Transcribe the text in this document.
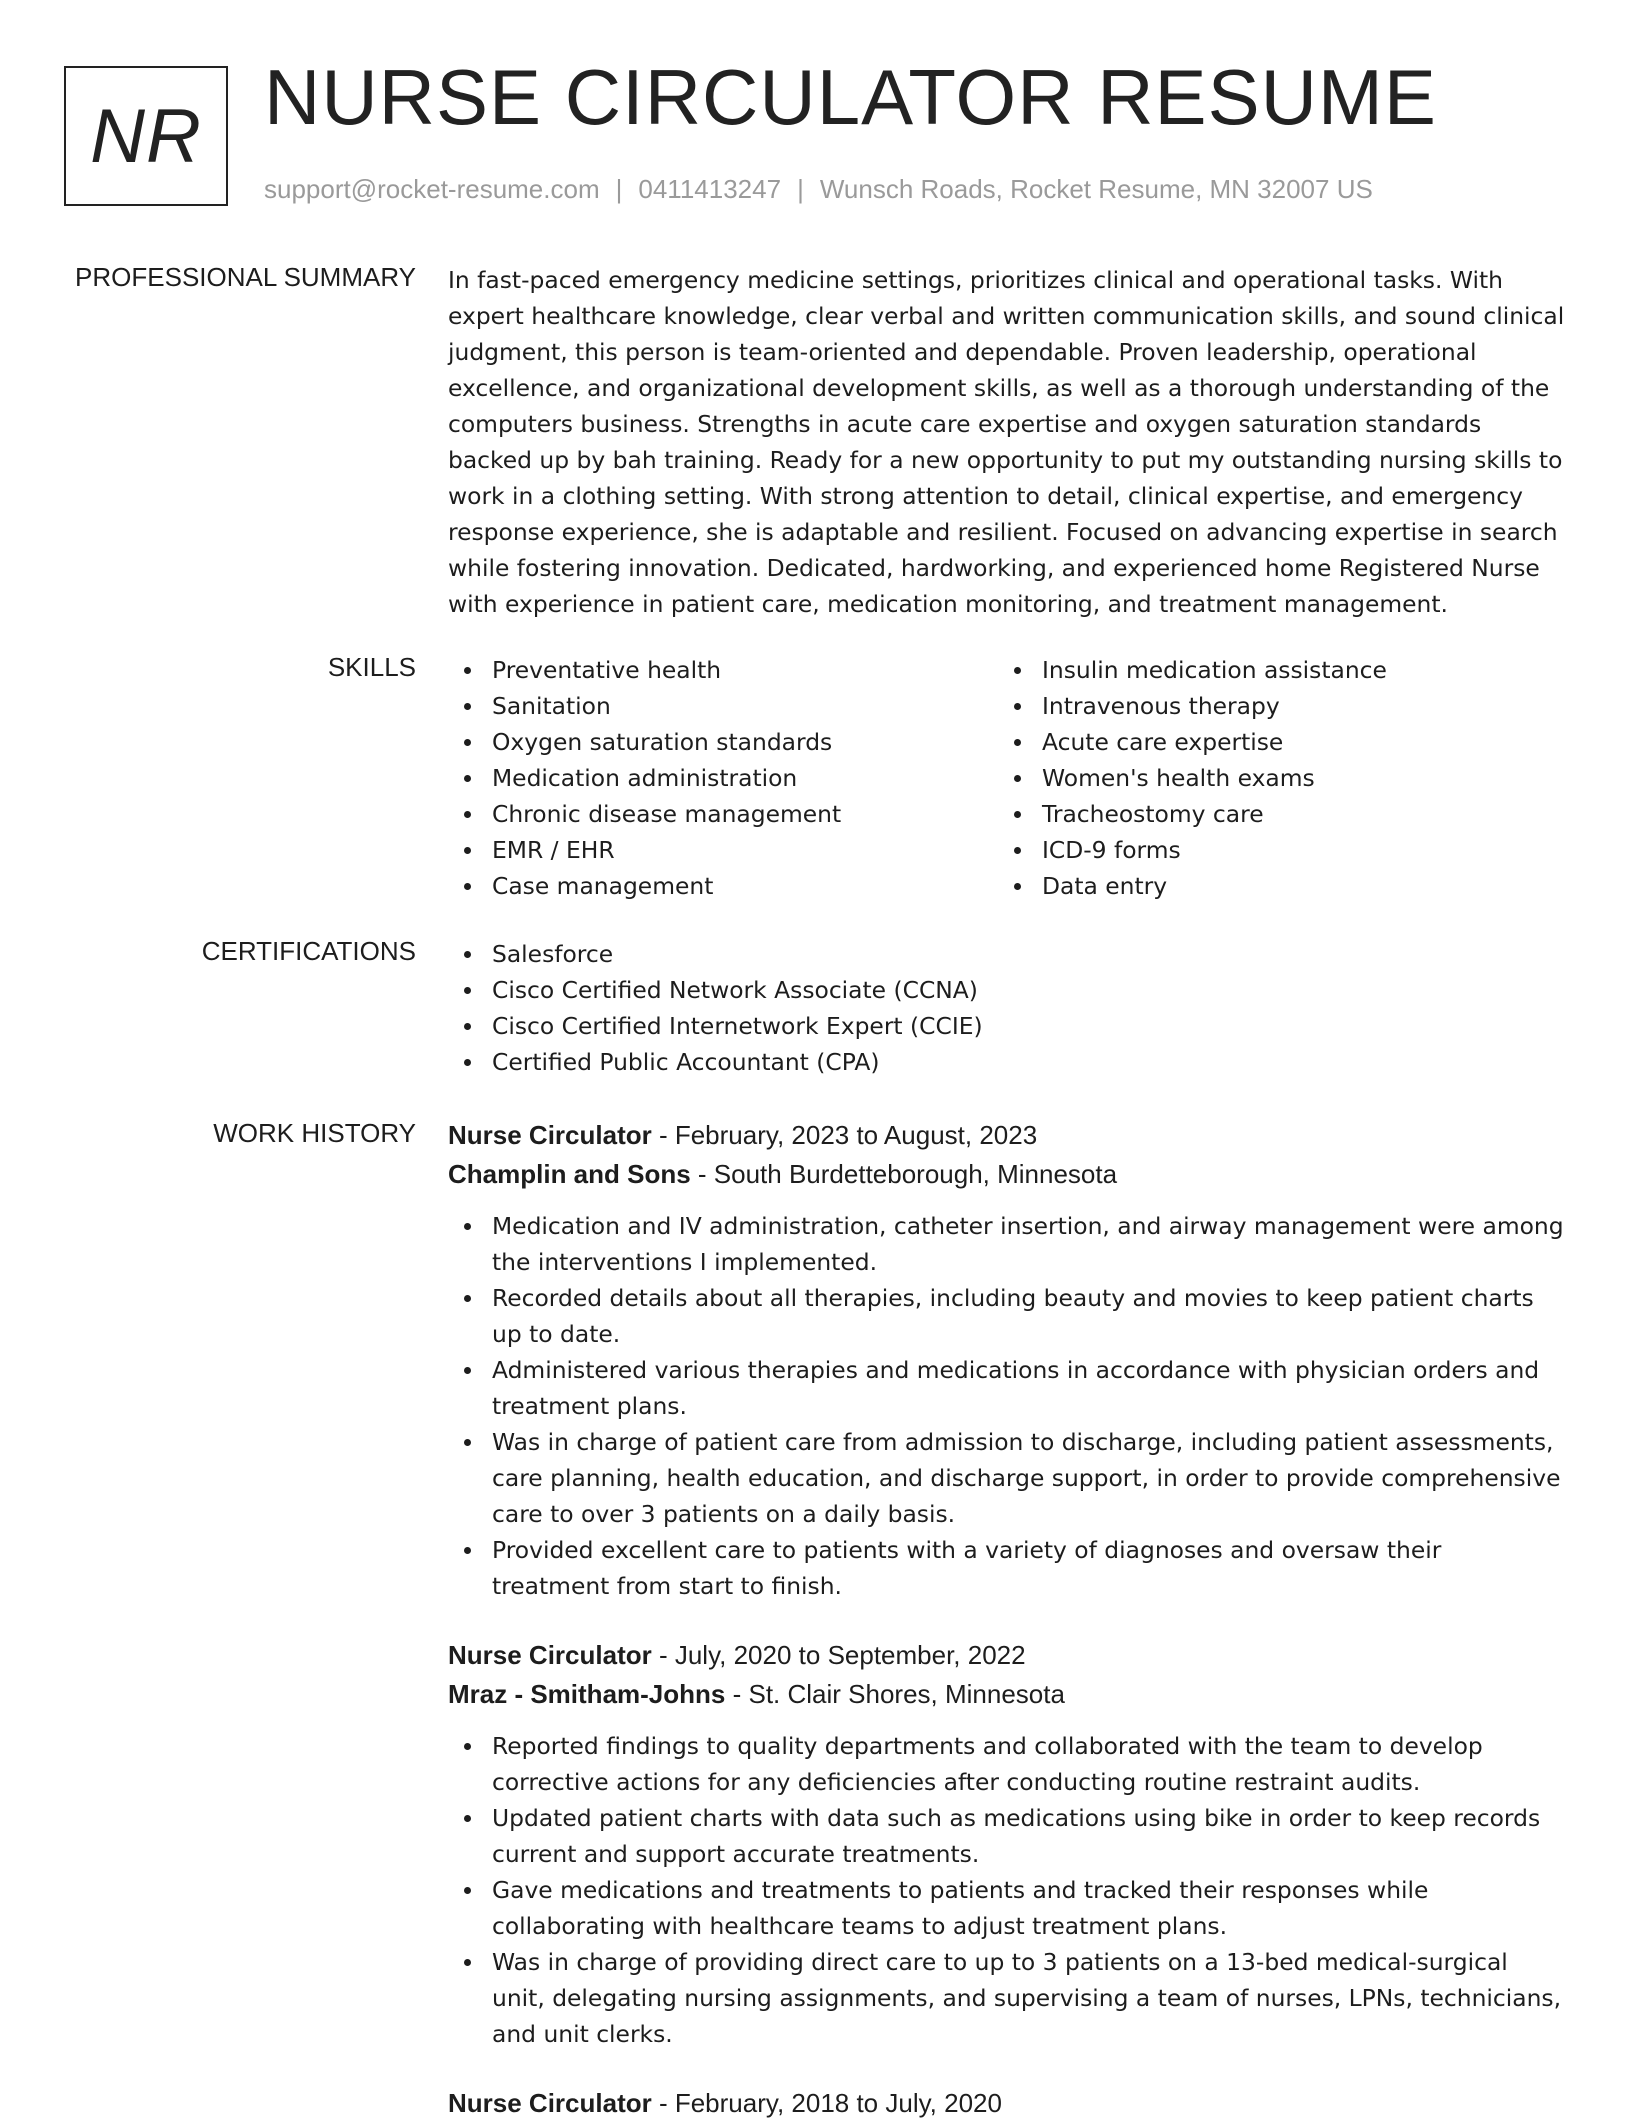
NR NURSE CIRCULATOR RESUME
support@rocket-resume.com | 0411413247 | Wunsch Roads, Rocket Resume, MN 32007 US
PROFESSIONAL SUMMARY In fast-paced emergency medicine settings, prioritizes clinical and operational tasks. With expert healthcare knowledge, clear verbal and written communication skills, and sound clinical judgment, this person is team-oriented and dependable. Proven leadership, operational excellence, and organizational development skills, as well as a thorough understanding of the computers business. Strengths in acute care expertise and oxygen saturation standards backed up by bah training. Ready for a new opportunity to put my outstanding nursing skills to work in a clothing setting. With strong attention to detail, clinical expertise, and emergency response experience, she is adaptable and resilient. Focused on advancing expertise in search while fostering innovation. Dedicated, hardworking, and experienced home Registered Nurse with experience in patient care, medication monitoring, and treatment management.

SKILLS	Preventative health
Sanitation
Oxygen saturation standards
Medication administration
Chronic disease management
EMR / EHR
Case management
Insulin medication assistance
Intravenous therapy
Acute care expertise
Women's health exams
Tracheostomy care
ICD-9 forms
Data entry
CERTIFICATIONS	Salesforce
Cisco Certified Network Associate (CCNA)
Cisco Certified Internetwork Expert (CCIE)
Certified Public Accountant (CPA)
WORK HISTORY Nurse Circulator - February, 2023 to August, 2023
Champlin and Sons - South Burdetteborough, Minnesota
Medication and IV administration, catheter insertion, and airway management were among the interventions I implemented.
Recorded details about all therapies, including beauty and movies to keep patient charts up to date.
Administered various therapies and medications in accordance with physician orders and treatment plans.
Was in charge of patient care from admission to discharge, including patient assessments, care planning, health education, and discharge support, in order to provide comprehensive care to over 3 patients on a daily basis.
Provided excellent care to patients with a variety of diagnoses and oversaw their treatment from start to finish.
Nurse Circulator - July, 2020 to September, 2022
Mraz - Smitham-Johns - St. Clair Shores, Minnesota
Reported findings to quality departments and collaborated with the team to develop corrective actions for any deficiencies after conducting routine restraint audits.
Updated patient charts with data such as medications using bike in order to keep records current and support accurate treatments.
Gave medications and treatments to patients and tracked their responses while collaborating with healthcare teams to adjust treatment plans.
Was in charge of providing direct care to up to 3 patients on a 13-bed medical-surgical unit, delegating nursing assignments, and supervising a team of nurses, LPNs, technicians, and unit clerks.
Nurse Circulator - February, 2018 to July, 2020
